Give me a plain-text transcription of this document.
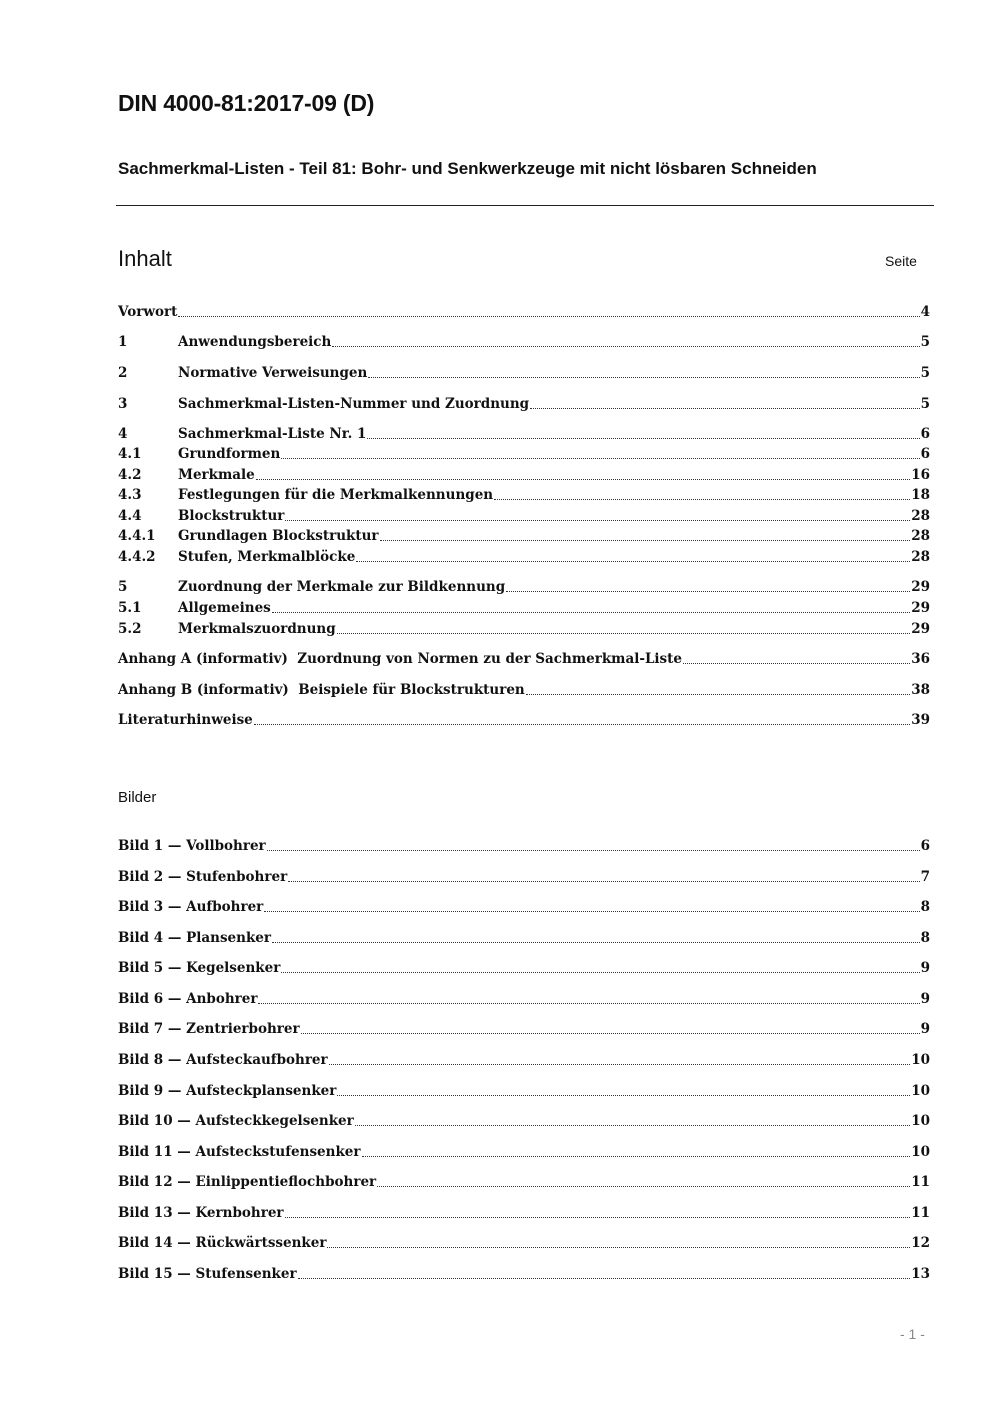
DIN 4000-81:2017-09 (D)
Sachmerkmal-Listen - Teil 81: Bohr- und Senkwerkzeuge mit nicht lösbaren Schneiden
Inhalt	Seite
Vorwort	4
1	Anwendungsbereich	5
2	Normative Verweisungen	5
3	Sachmerkmal-Listen-Nummer und Zuordnung	5
4	Sachmerkmal-Liste Nr. 1	6
4.1	Grundformen	6
4.2	Merkmale	16
4.3	Festlegungen für die Merkmalkennungen	18
4.4	Blockstruktur	28
4.4.1	Grundlagen Blockstruktur	28
4.4.2	Stufen, Merkmalblöcke	28
5	Zuordnung der Merkmale zur Bildkennung	29
5.1	Allgemeines	29
5.2	Merkmalszuordnung	29
Anhang A (informativ)  Zuordnung von Normen zu der Sachmerkmal-Liste	36
Anhang B (informativ)  Beispiele für Blockstrukturen	38
Literaturhinweise	39
Bilder
Bild 1 — Vollbohrer	6
Bild 2 — Stufenbohrer	7
Bild 3 — Aufbohrer	8
Bild 4 — Plansenker	8
Bild 5 — Kegelsenker	9
Bild 6 — Anbohrer	9
Bild 7 — Zentrierbohrer	9
Bild 8 — Aufsteckaufbohrer	10
Bild 9 — Aufsteckplansenker	10
Bild 10 — Aufsteckkegelsenker	10
Bild 11 — Aufsteckstufensenker	10
Bild 12 — Einlippentieflochbohrer	11
Bild 13 — Kernbohrer	11
Bild 14 — Rückwärtssenker	12
Bild 15 — Stufensenker	13
- 1 -
